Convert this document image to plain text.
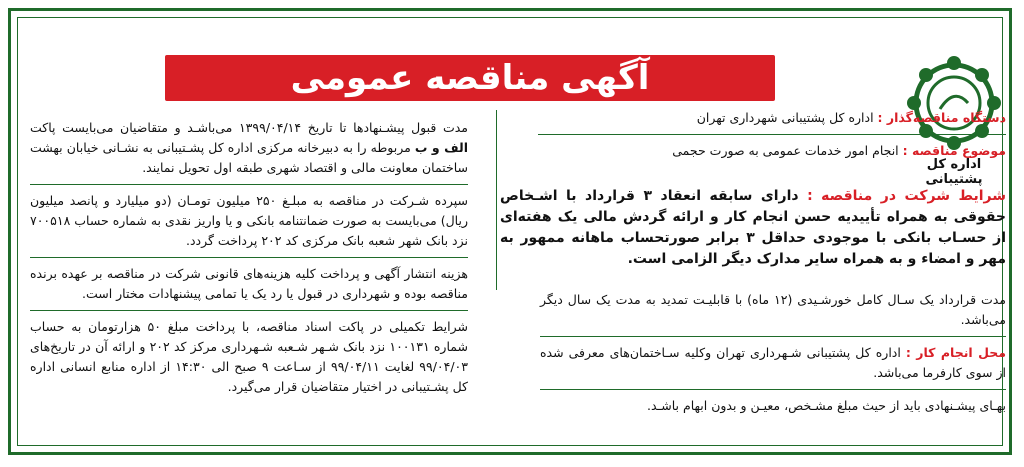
آگهی مناقصه عمومی
اداره کل پشتیبانی
دستگاه مناقصه‌گذار : اداره کل پشتیبانی شهرداری تهران
موضوع مناقصه : انجام امور خدمات عمومی به صورت حجمی
شرایط شرکت در مناقصه : دارای سابقه انعقاد ۳ قرارداد با اشـخاص حقوقی به همراه تأییدیه حسن انجام کار و ارائه گردش مالی یک هفته‌ای از حسـاب بانکی با موجودی حداقل ۳ برابر صورتحساب ماهانه ممهور به مهر و امضاء و به همراه سایر مدارک دیگر الزامی است.
مدت قرارداد یک سـال کامل خورشـیدی (۱۲ ماه) با قابلیـت تمدید به مدت یک سال دیگر می‌باشد.
محل انجام کار : اداره کل پشتیبانی شـهرداری تهران وکلیه سـاختمان‌های معرفی شده از سوی کارفرما می‌باشد.
بهـای پیشـنهادی باید از حیث مبلغ مشـخص، معیـن و بدون ابهام باشـد.
مدت قبول پیشـنهادها تا تاریخ ۱۳۹۹/۰۴/۱۴ می‌باشـد و متقاضیان می‌بایست پاکت الف و ب مربوطه را به دبیرخانه مرکزی اداره کل پشـتیبانی به نشـانی خیابان بهشت ساختمان معاونت مالی و اقتصاد شهری طبقه اول تحویل نمایند.
سپرده شـرکت در مناقصه به مبلـغ ۲۵۰ میلیون تومـان (دو میلیارد و پانصد میلیون ریال) می‌بایست به صورت ضمانتنامه بانکی و یا واریز نقدی به شماره حساب ۷۰۰۵۱۸ نزد بانک شهر شعبه بانک مرکزی کد ۲۰۲ پرداخت گردد.
هزینه انتشار آگهی و پرداخت کلیه هزینه‌های قانونی شرکت در مناقصه بر عهده برنده مناقصه بوده و شهرداری در قبول یا رد یک یا تمامی پیشنهادات مختار است.
شرایط تکمیلی در پاکت اسناد مناقصه، با پرداخت مبلغ ۵۰ هزارتومان به حساب شماره ۱۰۰۱۳۱ نزد بانک شـهر شـعبه شـهرداری مرکز کد ۲۰۲ و ارائه آن در تاریخ‌های ۹۹/۰۴/۰۳ لغایت ۹۹/۰۴/۱۱ از سـاعت ۹ صبح الی ۱۴:۳۰ از اداره منابع انسانی اداره کل پشـتیبانی در اختیار متقاضیان قرار می‌گیرد.
